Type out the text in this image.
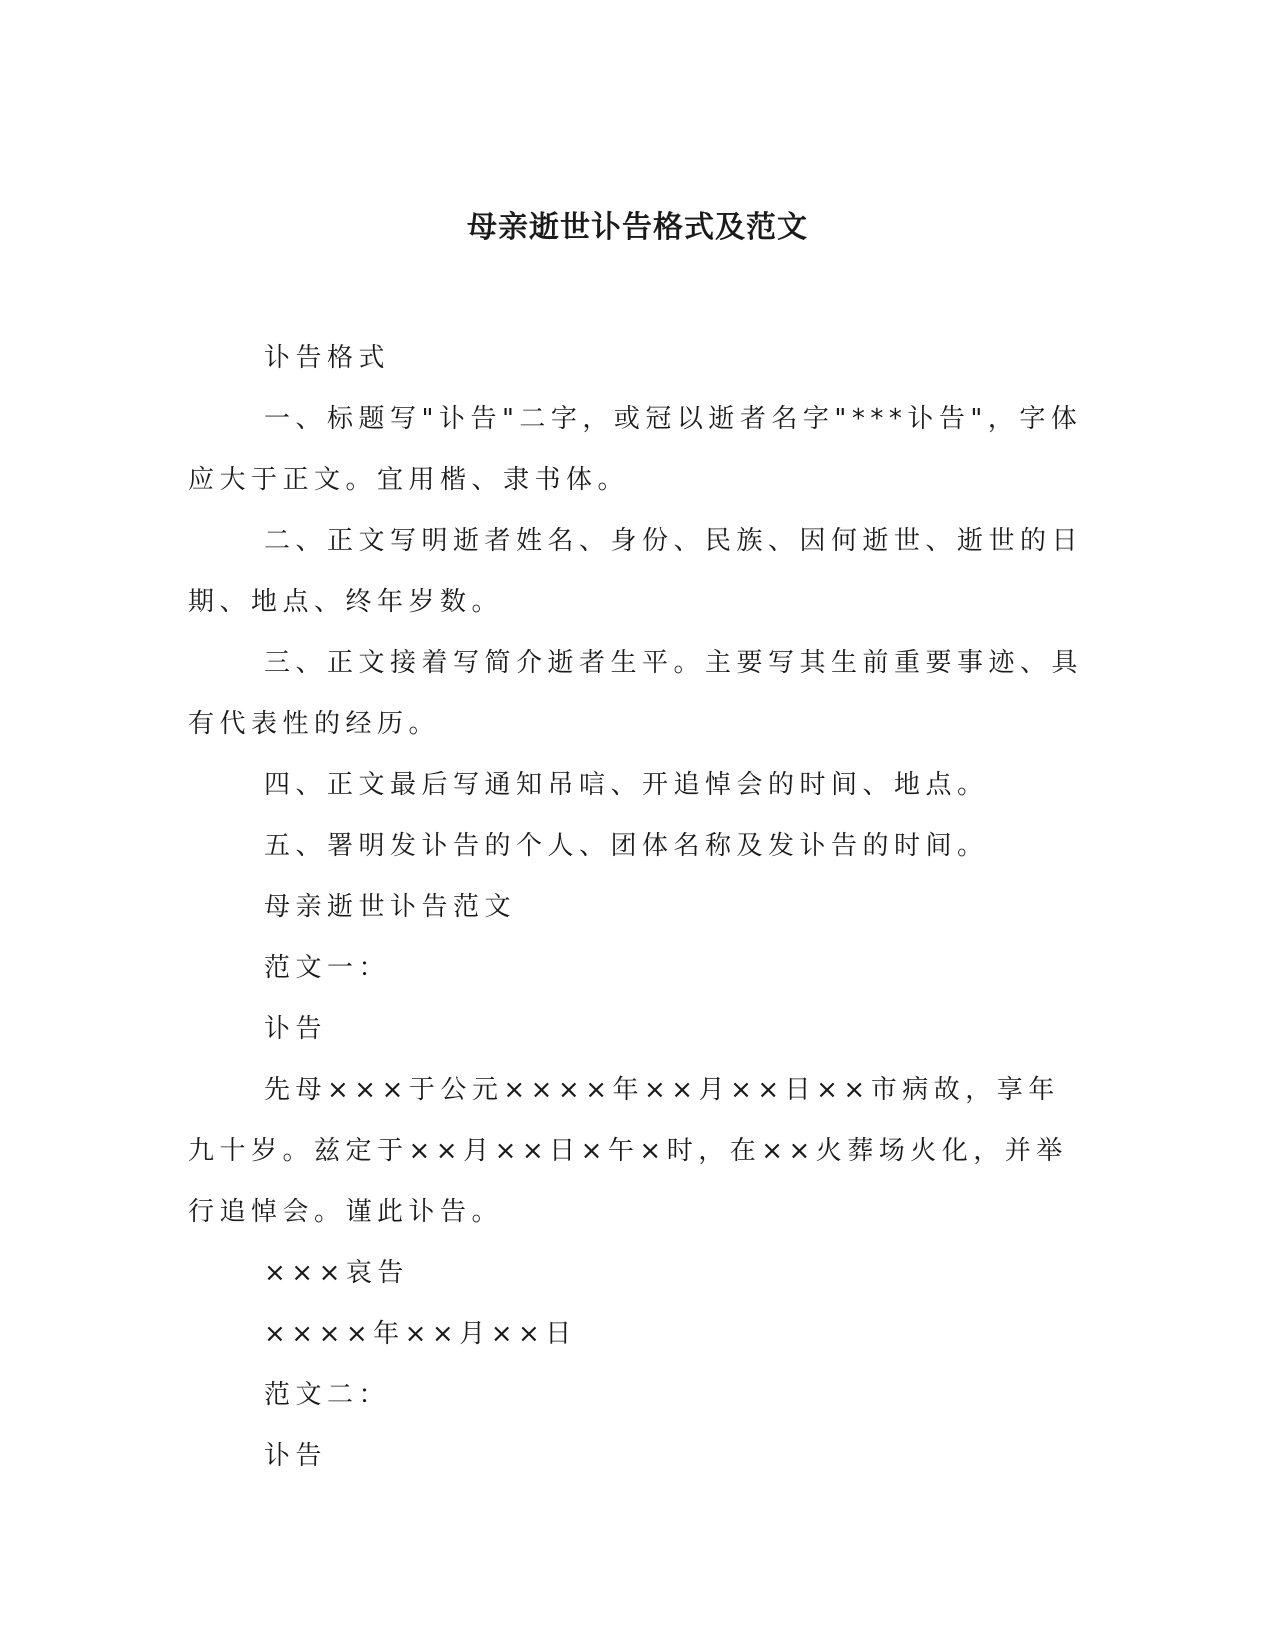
母亲逝世讣告格式及范文

讣告格式

一、标题写"讣告"二字，或冠以逝者名字"***讣告"，字体应大于正文。宜用楷、隶书体。

二、正文写明逝者姓名、身份、民族、因何逝世、逝世的日期、地点、终年岁数。

三、正文接着写简介逝者生平。主要写其生前重要事迹、具有代表性的经历。

四、正文最后写通知吊唁、开追悼会的时间、地点。

五、署明发讣告的个人、团体名称及发讣告的时间。

母亲逝世讣告范文

范文一：

讣告

先母×××于公元××××年××月××日××市病故，享年九十岁。兹定于××月××日×午×时，在××火葬场火化，并举行追悼会。谨此讣告。

×××哀告

××××年××月××日

范文二：

讣告
